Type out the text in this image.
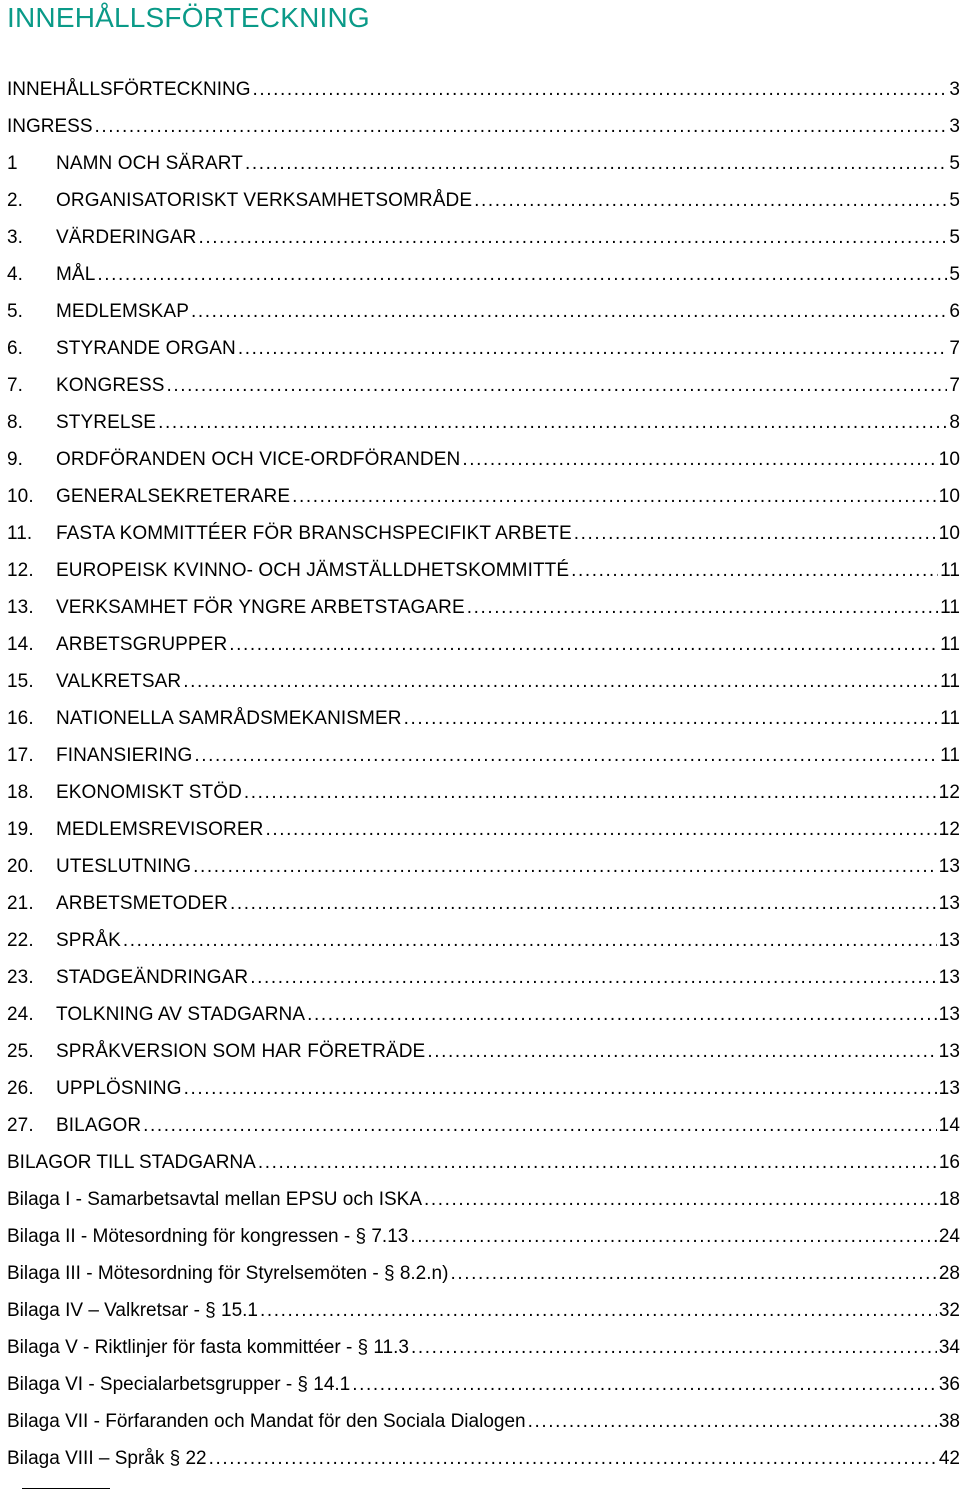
INNEHÅLLSFÖRTECKNING
INNEHÅLLSFÖRTECKNING .....	3
INGRESS .....	3
1	NAMN OCH SÄRART .....	5
2.	ORGANISATORISKT VERKSAMHETSOMRÅDE .....	5
3.	VÄRDERINGAR .....	5
4.	MÅL .....	5
5.	MEDLEMSKAP .....	6
6.	STYRANDE ORGAN .....	7
7.	KONGRESS .....	7
8.	STYRELSE .....	8
9.	ORDFÖRANDEN OCH VICE-ORDFÖRANDEN .....	10
10.	GENERALSEKRETERARE .....	10
11.	FASTA KOMMITTÉER FÖR BRANSCHSPECIFIKT ARBETE .....	10
12.	EUROPEISK KVINNO- OCH JÄMSTÄLLDHETSKOMMITTÉ .....	11
13.	VERKSAMHET FÖR YNGRE ARBETSTAGARE .....	11
14.	ARBETSGRUPPER .....	11
15.	VALKRETSAR .....	11
16.	NATIONELLA SAMRÅDSMEKANISMER .....	11
17.	FINANSIERING .....	11
18.	EKONOMISKT STÖD .....	12
19.	MEDLEMSREVISORER .....	12
20.	UTESLUTNING .....	13
21.	ARBETSMETODER .....	13
22.	SPRÅK .....	13
23.	STADGEÄNDRINGAR .....	13
24.	TOLKNING AV STADGARNA .....	13
25.	SPRÅKVERSION SOM HAR FÖRETRÄDE .....	13
26.	UPPLÖSNING .....	13
27.	BILAGOR .....	14
BILAGOR TILL STADGARNA .....	16
Bilaga I - Samarbetsavtal mellan EPSU och ISKA .....	18
Bilaga II - Mötesordning för kongressen - § 7.13 .....	24
Bilaga III - Mötesordning för Styrelsemöten - § 8.2.n) .....	28
Bilaga IV – Valkretsar - § 15.1 .....	32
Bilaga V - Riktlinjer för fasta kommittéer - § 11.3 .....	34
Bilaga VI - Specialarbetsgrupper - § 14.1 .....	36
Bilaga VII - Förfaranden och Mandat för den Sociala Dialogen .....	38
Bilaga VIII – Språk § 22 .....	42
